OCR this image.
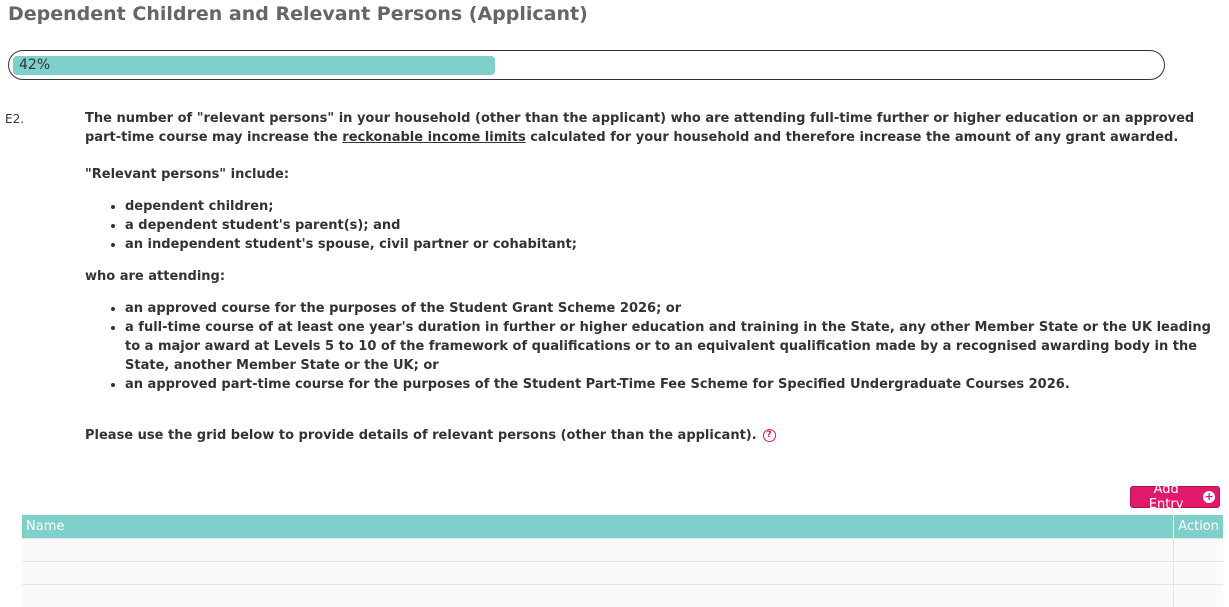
Dependent Children and Relevant Persons (Applicant)
42%
E2.	The number of "relevant persons" in your household (other than the applicant) who are attending full-time further or higher education or an approved part-time course may increase the reckonable income limits calculated for your household and therefore increase the amount of any grant awarded.

"Relevant persons" include:

• dependent children;
• a dependent student's parent(s); and
• an independent student's spouse, civil partner or cohabitant;

who are attending:

• an approved course for the purposes of the Student Grant Scheme 2026; or
• a full-time course of at least one year's duration in further or higher education and training in the State, any other Member State or the UK leading to a major award at Levels 5 to 10 of the framework of qualifications or to an equivalent qualification made by a recognised awarding body in the State, another Member State or the UK; or
• an approved part-time course for the purposes of the Student Part-Time Fee Scheme for Specified Undergraduate Courses 2026.

Please use the grid below to provide details of relevant persons (other than the applicant). ?

Add Entry
+
Name	Action
